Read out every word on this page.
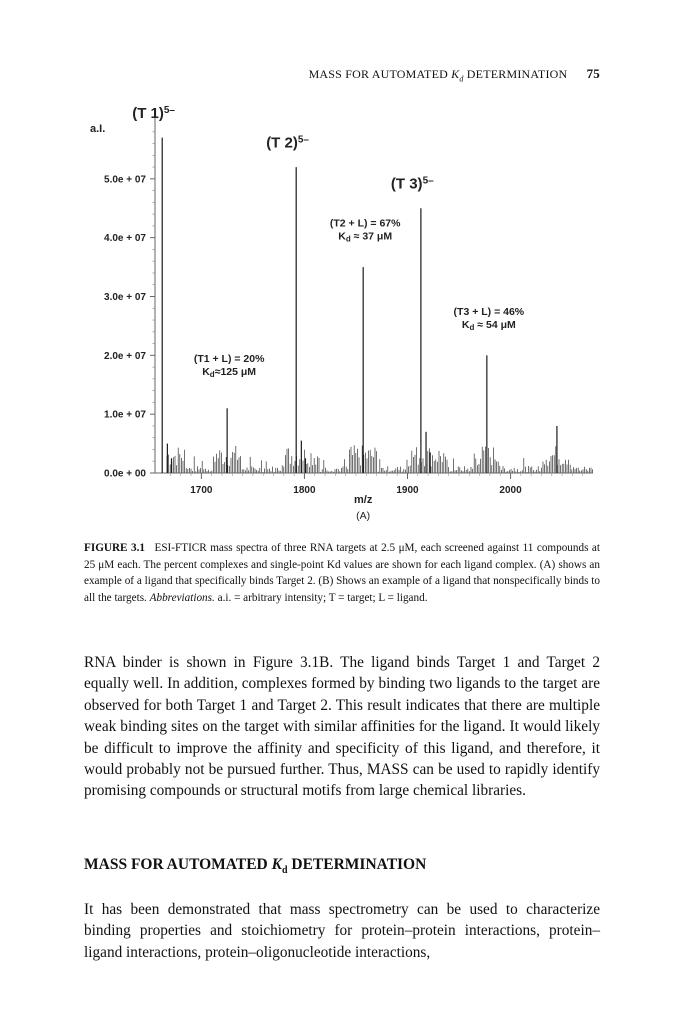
MASS FOR AUTOMATED $K_d$ DETERMINATION 75
0.0e + 00
1.0e + 07
2.0e + 07
3.0e + 07
4.0e + 07
5.0e + 07
1700	1800	1900	2000
a.I.
m/z
(A)
(T 1)$^{5-}$
(T 2)$^{5-}$
(T 3)$^{5-}$
(T1 + L) = 20%
Kd≈125 μM
(T2 + L) = 67%
Kd ≈ 37 μM
(T3 + L) = 46%
Kd ≈ 54 μM
FIGURE 3.1 ESI-FTICR mass spectra of three RNA targets at 2.5 μM, each screened against 11 compounds at 25 μM each. The percent complexes and single-point Kd values are shown for each ligand complex. (A) shows an example of a ligand that specifically binds Target 2. (B) Shows an example of a ligand that nonspecifically binds to all the targets. Abbreviations. a.i. = arbitrary intensity; T = target; L = ligand.

RNA binder is shown in Figure 3.1B. The ligand binds Target 1 and Target 2 equally well. In addition, complexes formed by binding two ligands to the target are observed for both Target 1 and Target 2. This result indicates that there are multiple weak binding sites on the target with similar affinities for the ligand. It would likely be difficult to improve the affinity and specificity of this ligand, and therefore, it would probably not be pursued further. Thus, MASS can be used to rapidly identify promising compounds or structural motifs from large chemical libraries.

MASS FOR AUTOMATED $K_d$ DETERMINATION

It has been demonstrated that mass spectrometry can be used to characterize binding properties and stoichiometry for protein–protein interactions, protein–ligand interactions, protein–oligonucleotide interactions,
